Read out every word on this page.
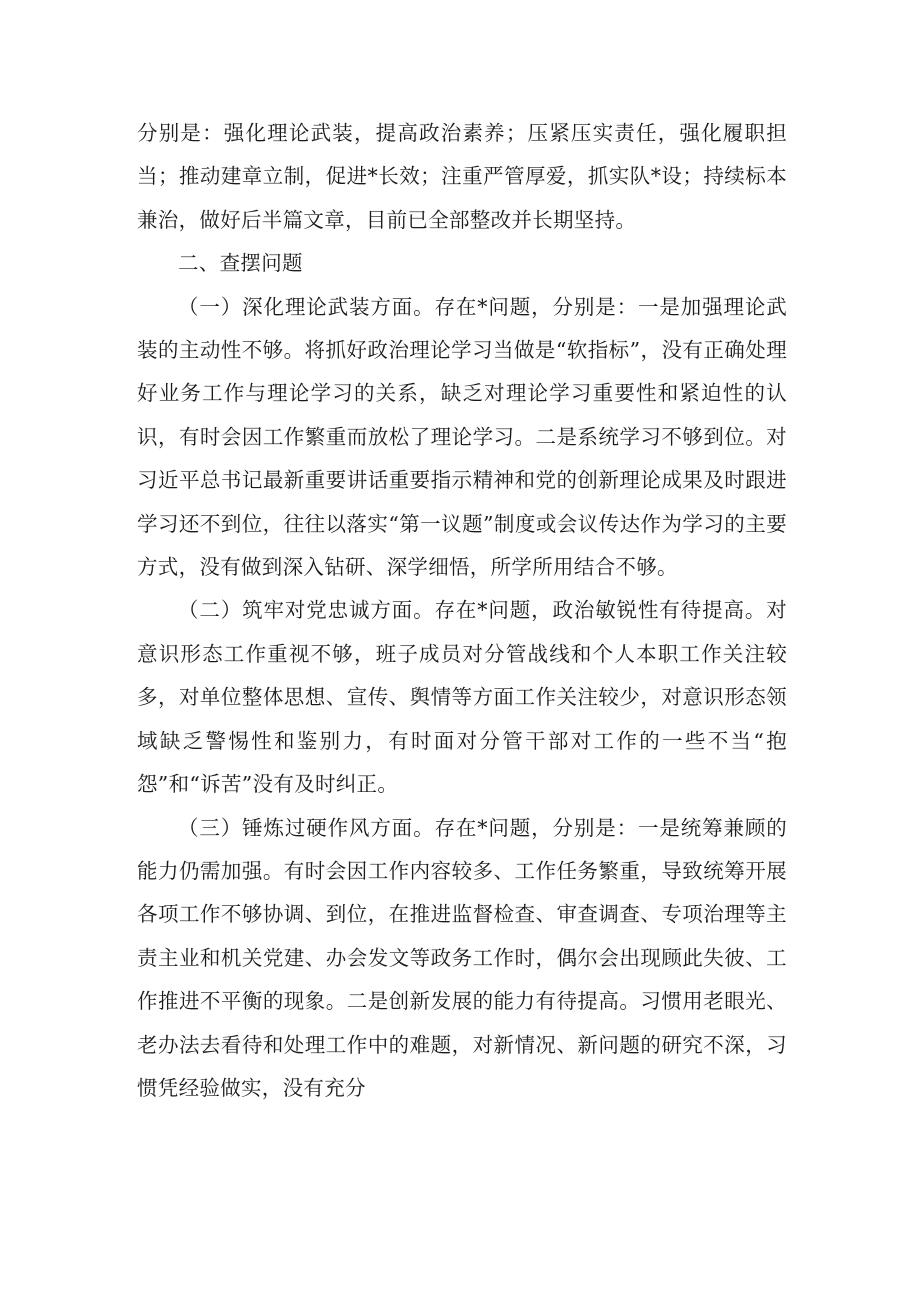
分别是：强化理论武装，提高政治素养；压紧压实责任，强化履职担当；推动建章立制，促进*长效；注重严管厚爱，抓实队*设；持续标本兼治，做好后半篇文章，目前已全部整改并长期坚持。

二、查摆问题

（一）深化理论武装方面。存在*问题，分别是：一是加强理论武装的主动性不够。将抓好政治理论学习当做是“软指标”，没有正确处理好业务工作与理论学习的关系，缺乏对理论学习重要性和紧迫性的认识，有时会因工作繁重而放松了理论学习。二是系统学习不够到位。对习近平总书记最新重要讲话重要指示精神和党的创新理论成果及时跟进学习还不到位，往往以落实“第一议题”制度或会议传达作为学习的主要方式，没有做到深入钻研、深学细悟，所学所用结合不够。

（二）筑牢对党忠诚方面。存在*问题，政治敏锐性有待提高。对意识形态工作重视不够，班子成员对分管战线和个人本职工作关注较多，对单位整体思想、宣传、舆情等方面工作关注较少，对意识形态领域缺乏警惕性和鉴别力，有时面对分管干部对工作的一些不当“抱怨”和“诉苦”没有及时纠正。

（三）锤炼过硬作风方面。存在*问题，分别是：一是统筹兼顾的能力仍需加强。有时会因工作内容较多、工作任务繁重，导致统筹开展各项工作不够协调、到位，在推进监督检查、审查调查、专项治理等主责主业和机关党建、办会发文等政务工作时，偶尔会出现顾此失彼、工作推进不平衡的现象。二是创新发展的能力有待提高。习惯用老眼光、老办法去看待和处理工作中的难题，对新情况、新问题的研究不深，习惯凭经验做实，没有充分
